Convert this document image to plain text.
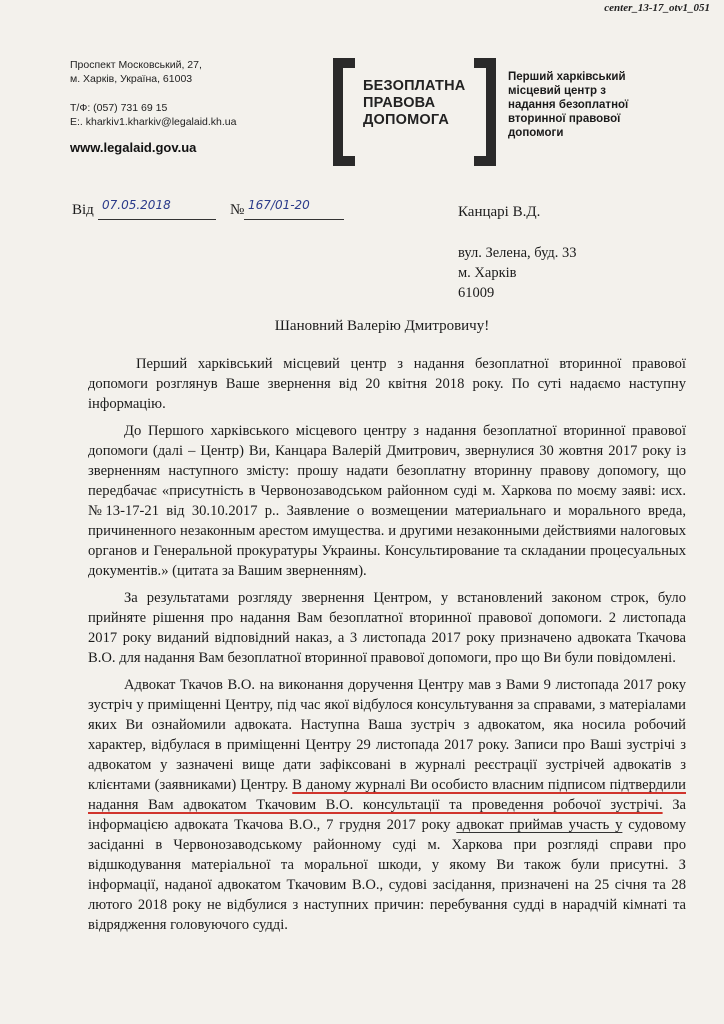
center_13-17_otv1_051
Проспект Московський, 27,
м. Харків, Україна, 61003
Т/Ф: (057) 731 69 15
E:. kharkiv1.kharkiv@legalaid.kh.ua
www.legalaid.gov.ua
БЕЗОПЛАТНА
ПРАВОВА
ДОПОМОГА
Перший харківський
місцевий центр з
надання безоплатної
вторинної правової
допомоги
Від 07.05.2018	№ 167/01-20	Канцарі В.Д.
вул. Зелена, буд. 33
м. Харків
61009
Шановний Валерію Дмитровичу!

Перший харківський місцевий центр з надання безоплатної вторинної правової допомоги розглянув Ваше звернення від 20 квітня 2018 року. По суті надаємо наступну інформацію.

До Першого харківського місцевого центру з надання безоплатної вторинної правової допомоги (далі – Центр) Ви, Канцара Валерій Дмитрович, звернулися 30 жовтня 2017 року із зверненням наступного змісту: прошу надати безоплатну вторинну правову допомогу, що передбачає «присутність в Червонозаводськом районном суді м. Харкова по моєму заяві: исх. №13-17-21 від 30.10.2017 р.. Заявление о возмещении материальнаго и морального вреда, причиненного незаконным арестом имущества. и другими незаконными действиями налоговых органов и Генеральной прокуратуры Украины. Консультирование та складании процесуальных документів.» (цитата за Вашим зверненням).

За результатами розгляду звернення Центром, у встановлений законом строк, було прийняте рішення про надання Вам безоплатної вторинної правової допомоги. 2 листопада 2017 року виданий відповідний наказ, а 3 листопада 2017 року призначено адвоката Ткачова В.О. для надання Вам безоплатної вторинної правової допомоги, про що Ви були повідомлені.

Адвокат Ткачов В.О. на виконання доручення Центру мав з Вами 9 листопада 2017 року зустріч у приміщенні Центру, під час якої відбулося консультування за справами, з матеріалами яких Ви ознайомили адвоката. Наступна Ваша зустріч з адвокатом, яка носила робочий характер, відбулася в приміщенні Центру 29 листопада 2017 року. Записи про Ваші зустрічі з адвокатом у зазначені вище дати зафіксовані в журналі реєстрації зустрічей адвокатів з клієнтами (заявниками) Центру. В даному журналі Ви особисто власним підписом підтвердили надання Вам адвокатом Ткачовим В.О. консультації та проведення робочої зустрічі. За інформацією адвоката Ткачова В.О., 7 грудня 2017 року адвокат приймав участь у судовому засіданні в Червонозаводському районному суді м. Харкова при розгляді справи про відшкодування матеріальної та моральної шкоди, у якому Ви також були присутні. З інформації, наданої адвокатом Ткачовим В.О., судові засідання, призначені на 25 січня та 28 лютого 2018 року не відбулися з наступних причин: перебування судді в нарадчій кімнаті та відрядження головуючого судді.
